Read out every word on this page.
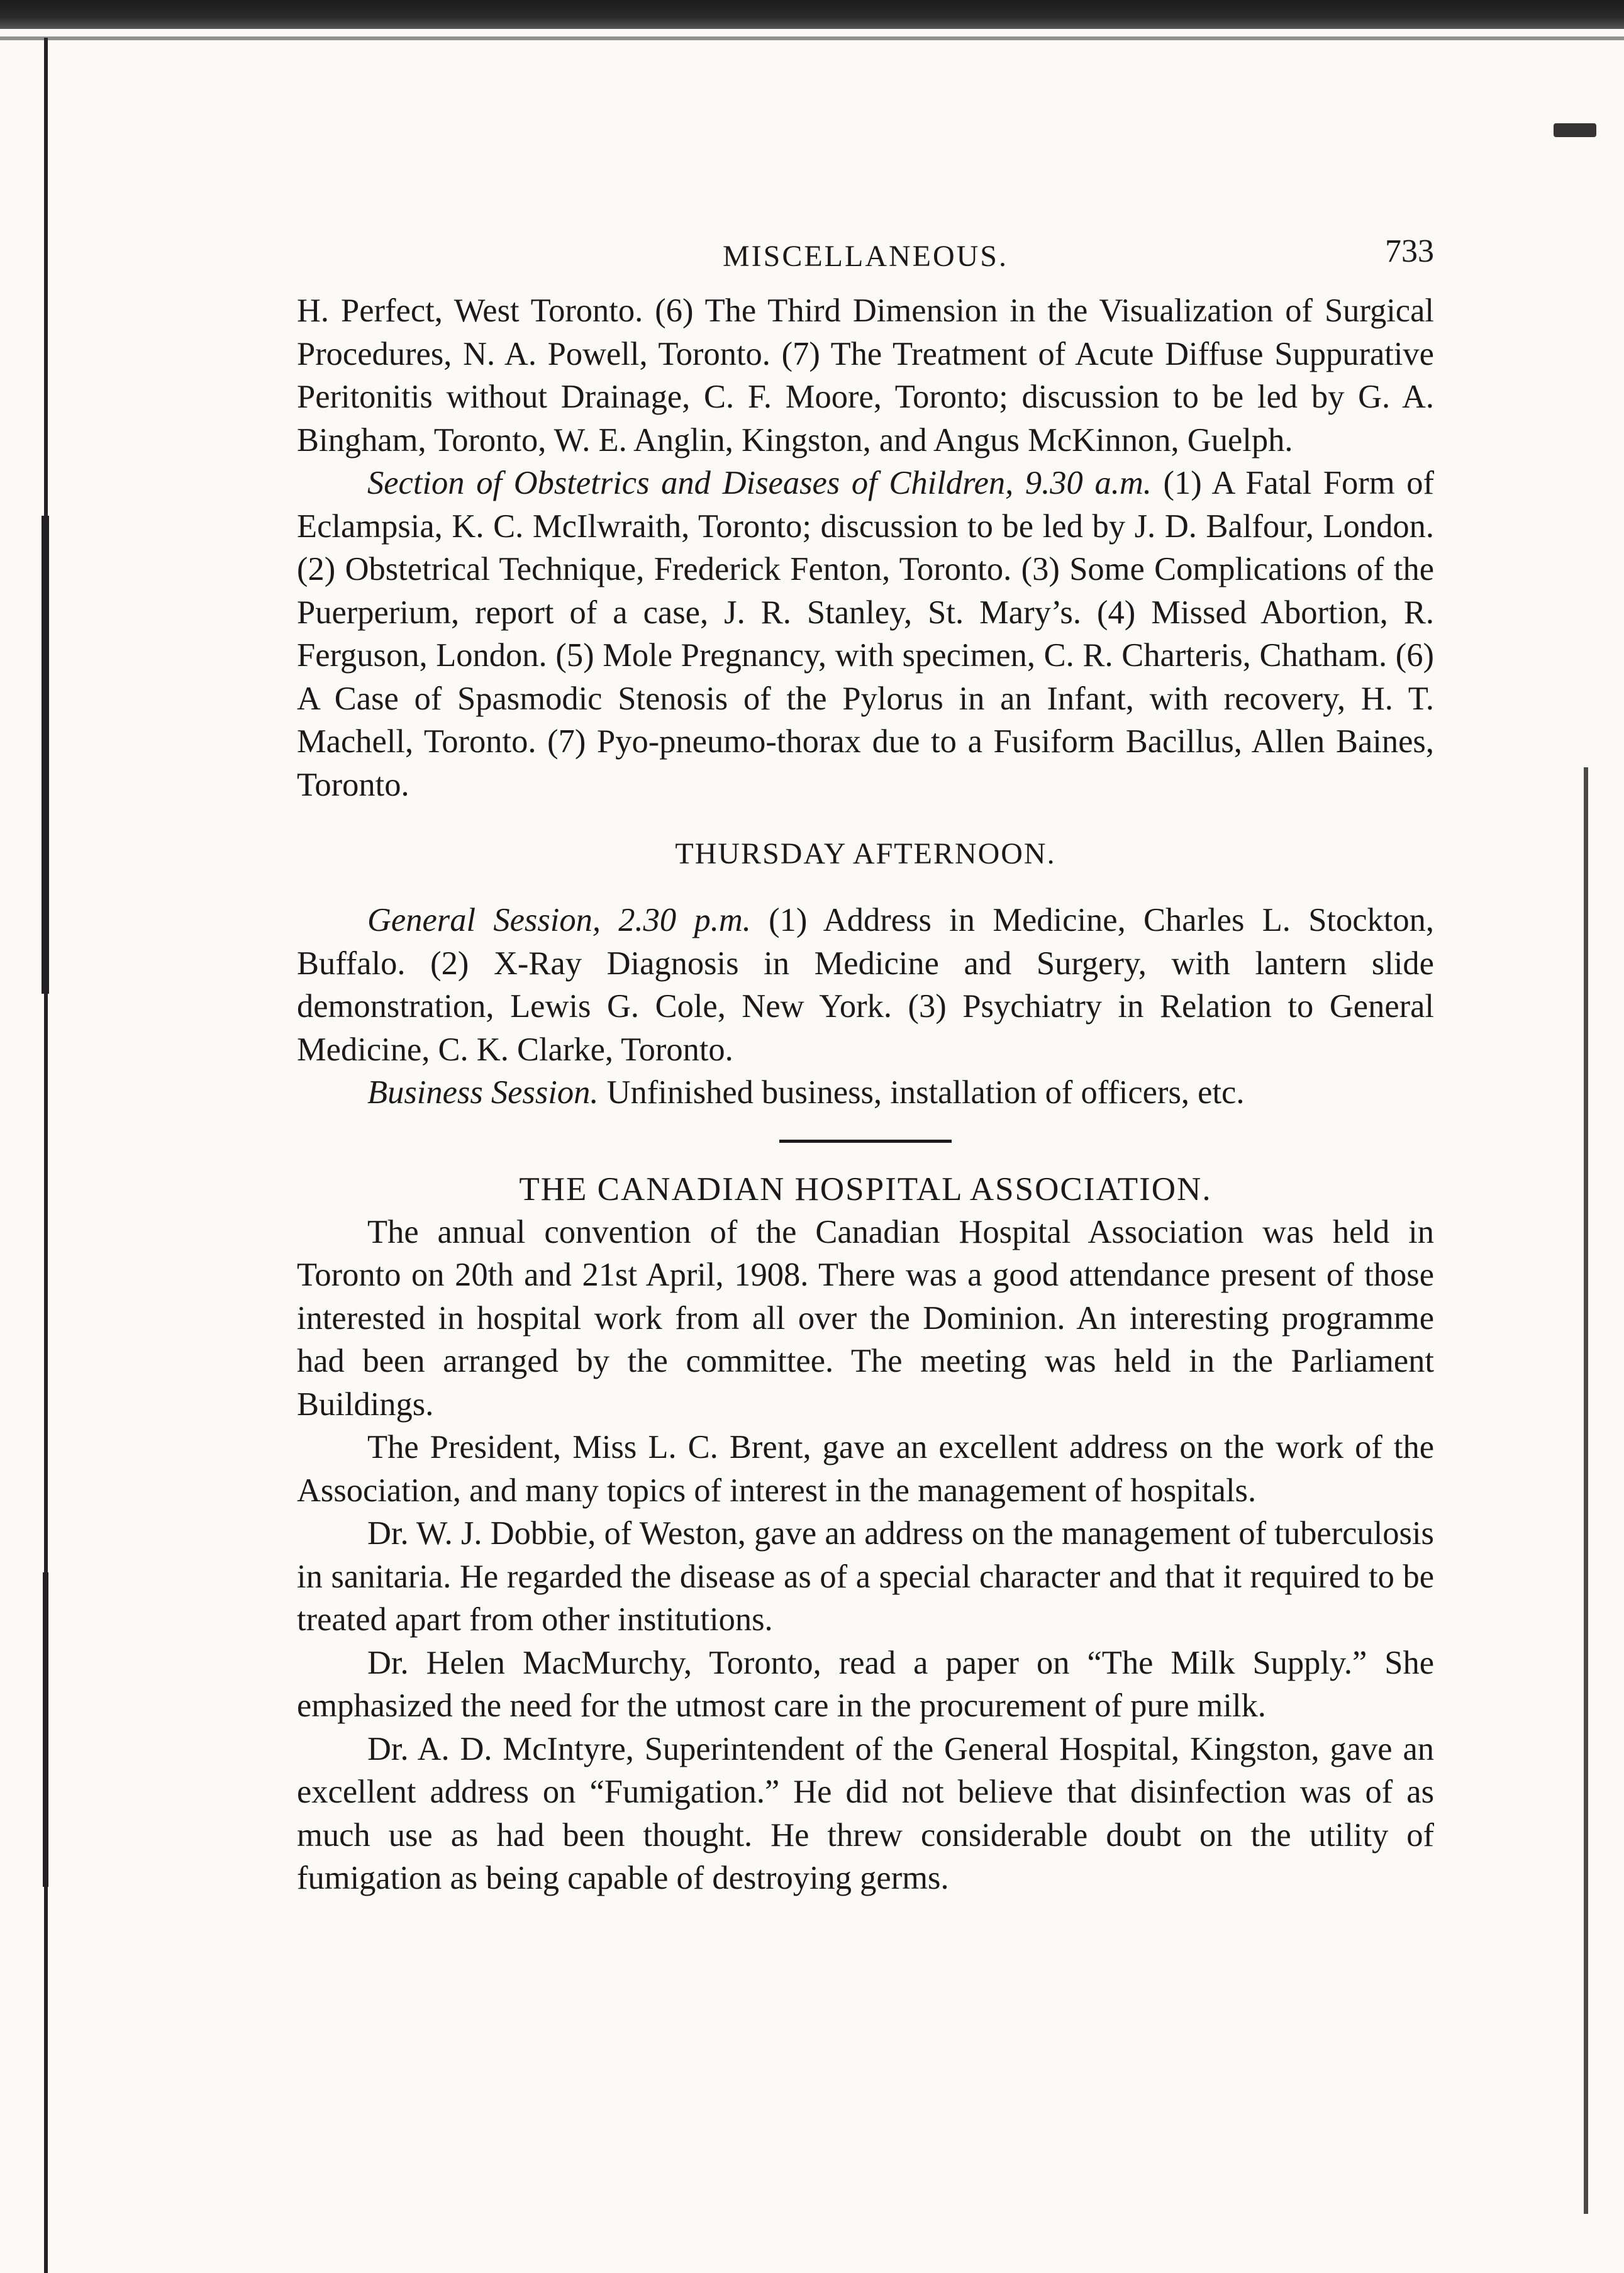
MISCELLANEOUS.	733

H. Perfect, West Toronto. (6) The Third Dimension in the Visualization of Surgical Procedures, N. A. Powell, Toronto. (7) The Treatment of Acute Diffuse Suppurative Peritonitis without Drainage, C. F. Moore, Toronto; discussion to be led by G. A. Bingham, Toronto, W. E. Anglin, Kingston, and Angus McKinnon, Guelph.

Section of Obstetrics and Diseases of Children, 9.30 a.m. (1) A Fatal Form of Eclampsia, K. C. McIlwraith, Toronto; discussion to be led by J. D. Balfour, London. (2) Obstetrical Technique, Frederick Fenton, Toronto. (3) Some Complications of the Puerperium, report of a case, J. R. Stanley, St. Mary’s. (4) Missed Abortion, R. Ferguson, London. (5) Mole Pregnancy, with specimen, C. R. Charteris, Chatham. (6) A Case of Spasmodic Stenosis of the Pylorus in an Infant, with recovery, H. T. Machell, Toronto. (7) Pyo-pneumo-thorax due to a Fusiform Bacillus, Allen Baines, Toronto.

THURSDAY AFTERNOON.

General Session, 2.30 p.m. (1) Address in Medicine, Charles L. Stockton, Buffalo. (2) X-Ray Diagnosis in Medicine and Surgery, with lantern slide demonstration, Lewis G. Cole, New York. (3) Psychiatry in Relation to General Medicine, C. K. Clarke, Toronto.

Business Session. Unfinished business, installation of officers, etc.

THE CANADIAN HOSPITAL ASSOCIATION.

The annual convention of the Canadian Hospital Association was held in Toronto on 20th and 21st April, 1908. There was a good attendance present of those interested in hospital work from all over the Dominion. An interesting programme had been arranged by the committee. The meeting was held in the Parliament Buildings.

The President, Miss L. C. Brent, gave an excellent address on the work of the Association, and many topics of interest in the management of hospitals.

Dr. W. J. Dobbie, of Weston, gave an address on the management of tuberculosis in sanitaria. He regarded the disease as of a special character and that it required to be treated apart from other institutions.

Dr. Helen MacMurchy, Toronto, read a paper on “The Milk Supply.” She emphasized the need for the utmost care in the procurement of pure milk.

Dr. A. D. McIntyre, Superintendent of the General Hospital, Kingston, gave an excellent address on “Fumigation.” He did not believe that disinfection was of as much use as had been thought. He threw considerable doubt on the utility of fumigation as being capable of destroying germs.
